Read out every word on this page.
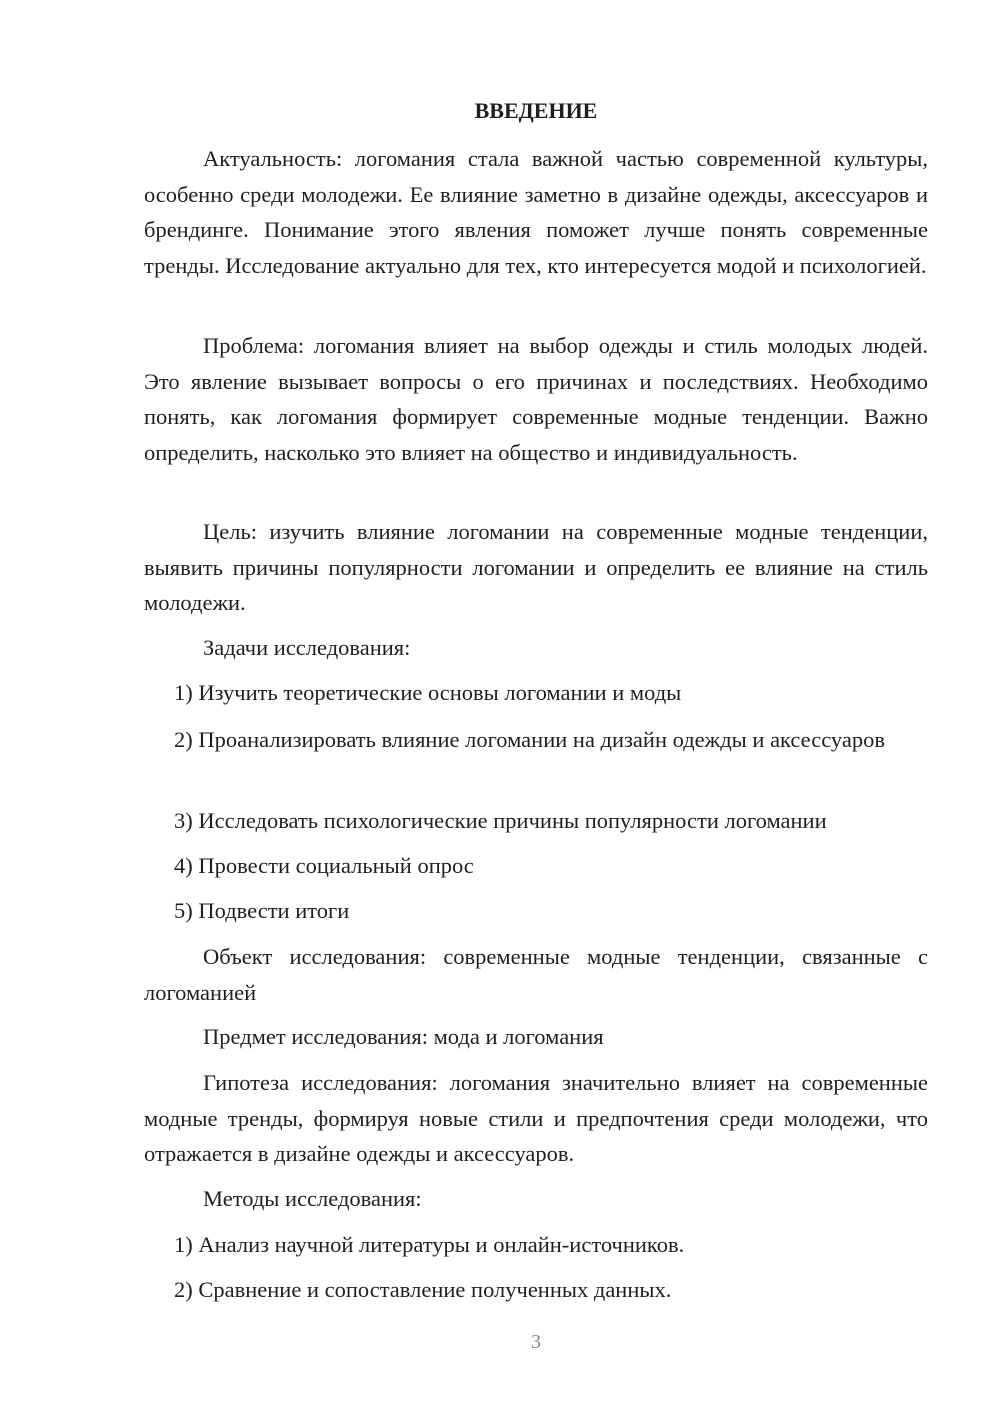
ВВЕДЕНИЕ
Актуальность: логомания стала важной частью современной культуры, особенно среди молодежи. Ее влияние заметно в дизайне одежды, аксессуаров и брендинге. Понимание этого явления поможет лучше понять современные тренды. Исследование актуально для тех, кто интересуется модой и психологией.
Проблема: логомания влияет на выбор одежды и стиль молодых людей. Это явление вызывает вопросы о его причинах и последствиях. Необходимо понять, как логомания формирует современные модные тенденции. Важно определить, насколько это влияет на общество и индивидуальность.
Цель: изучить влияние логомании на современные модные тенденции, выявить причины популярности логомании и определить ее влияние на стиль молодежи.
Задачи исследования:
1) Изучить теоретические основы логомании и моды
2) Проанализировать влияние логомании на дизайн одежды и аксессуаров
3) Исследовать психологические причины популярности логомании
4) Провести социальный опрос
5) Подвести итоги
Объект исследования: современные модные тенденции, связанные с логоманией
Предмет исследования: мода и логомания
Гипотеза исследования: логомания значительно влияет на современные модные тренды, формируя новые стили и предпочтения среди молодежи, что отражается в дизайне одежды и аксессуаров.
Методы исследования:
1) Анализ научной литературы и онлайн-источников.
2) Сравнение и сопоставление полученных данных.
3
